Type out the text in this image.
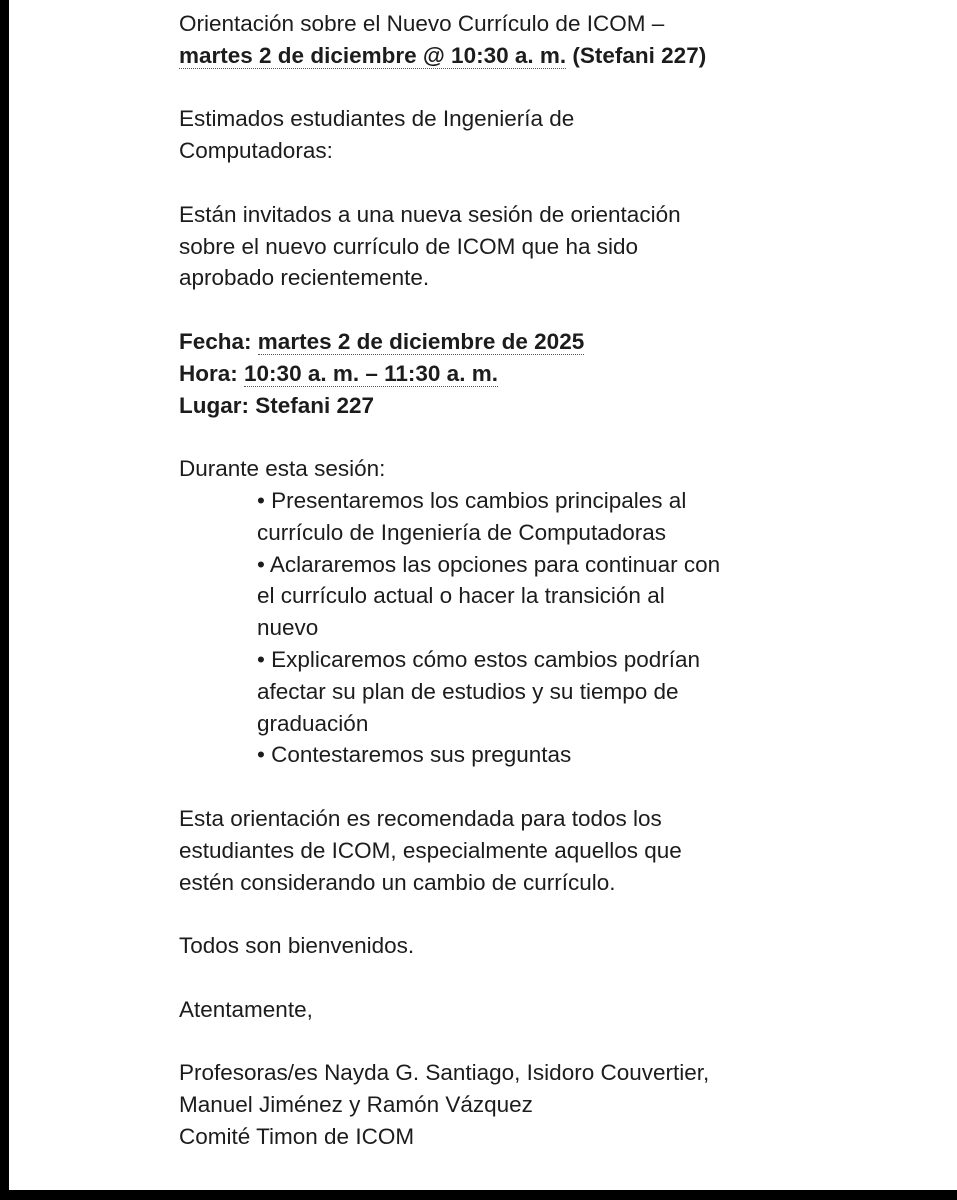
Orientación sobre el Nuevo Currículo de ICOM –
martes 2 de diciembre @ 10:30 a. m. (Stefani 227)

Estimados estudiantes de Ingeniería de
Computadoras:

Están invitados a una nueva sesión de orientación
sobre el nuevo currículo de ICOM que ha sido
aprobado recientemente.

Fecha: martes 2 de diciembre de 2025
Hora: 10:30 a. m. – 11:30 a. m.
Lugar: Stefani 227

Durante esta sesión:

• Presentaremos los cambios principales al
currículo de Ingeniería de Computadoras
• Aclararemos las opciones para continuar con
el currículo actual o hacer la transición al
nuevo
• Explicaremos cómo estos cambios podrían
afectar su plan de estudios y su tiempo de
graduación
• Contestaremos sus preguntas

Esta orientación es recomendada para todos los
estudiantes de ICOM, especialmente aquellos que
estén considerando un cambio de currículo.

Todos son bienvenidos.

Atentamente,

Profesoras/es Nayda G. Santiago, Isidoro Couvertier,
Manuel Jiménez y Ramón Vázquez
Comité Timon de ICOM
